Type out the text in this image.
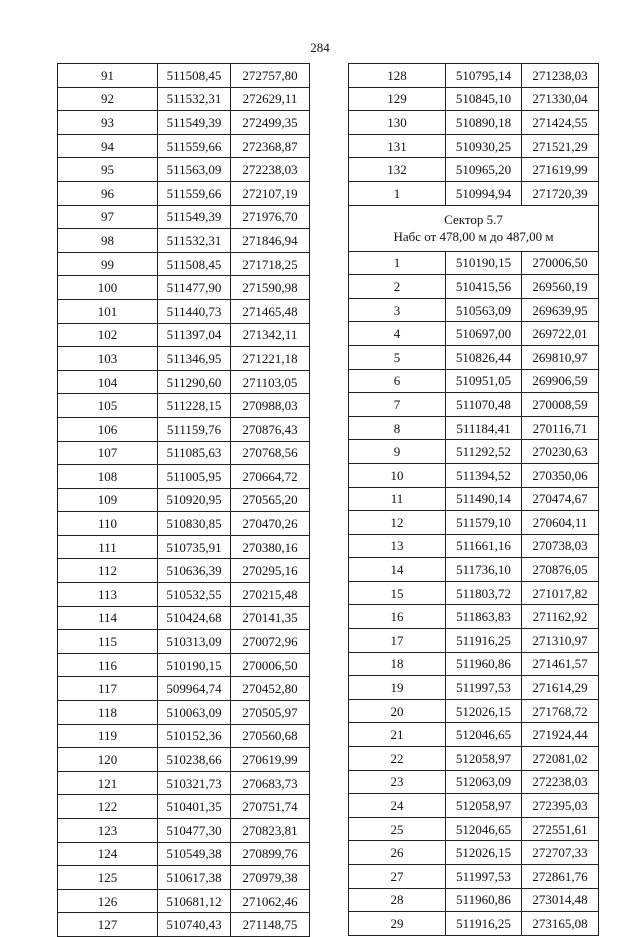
284
91	511508,45	272757,80
92	511532,31	272629,11
93	511549,39	272499,35
94	511559,66	272368,87
95	511563,09	272238,03
96	511559,66	272107,19
97	511549,39	271976,70
98	511532,31	271846,94
99	511508,45	271718,25
100	511477,90	271590,98
101	511440,73	271465,48
102	511397,04	271342,11
103	511346,95	271221,18
104	511290,60	271103,05
105	511228,15	270988,03
106	511159,76	270876,43
107	511085,63	270768,56
108	511005,95	270664,72
109	510920,95	270565,20
110	510830,85	270470,26
111	510735,91	270380,16
112	510636,39	270295,16
113	510532,55	270215,48
114	510424,68	270141,35
115	510313,09	270072,96
116	510190,15	270006,50
117	509964,74	270452,80
118	510063,09	270505,97
119	510152,36	270560,68
120	510238,66	270619,99
121	510321,73	270683,73
122	510401,35	270751,74
123	510477,30	270823,81
124	510549,38	270899,76
125	510617,38	270979,38
126	510681,12	271062,46
127	510740,43	271148,75
128	510795,14	271238,03
129	510845,10	271330,04
130	510890,18	271424,55
131	510930,25	271521,29
132	510965,20	271619,99
1	510994,94	271720,39

Сектор 5.7
Набс от 478,00 м до 487,00 м		

1	510190,15	270006,50
2	510415,56	269560,19
3	510563,09	269639,95
4	510697,00	269722,01
5	510826,44	269810,97
6	510951,05	269906,59
7	511070,48	270008,59
8	511184,41	270116,71
9	511292,52	270230,63
10	511394,52	270350,06
11	511490,14	270474,67
12	511579,10	270604,11
13	511661,16	270738,03
14	511736,10	270876,05
15	511803,72	271017,82
16	511863,83	271162,92
17	511916,25	271310,97
18	511960,86	271461,57
19	511997,53	271614,29
20	512026,15	271768,72
21	512046,65	271924,44
22	512058,97	272081,02
23	512063,09	272238,03
24	512058,97	272395,03
25	512046,65	272551,61
26	512026,15	272707,33
27	511997,53	272861,76
28	511960,86	273014,48
29	511916,25	273165,08
